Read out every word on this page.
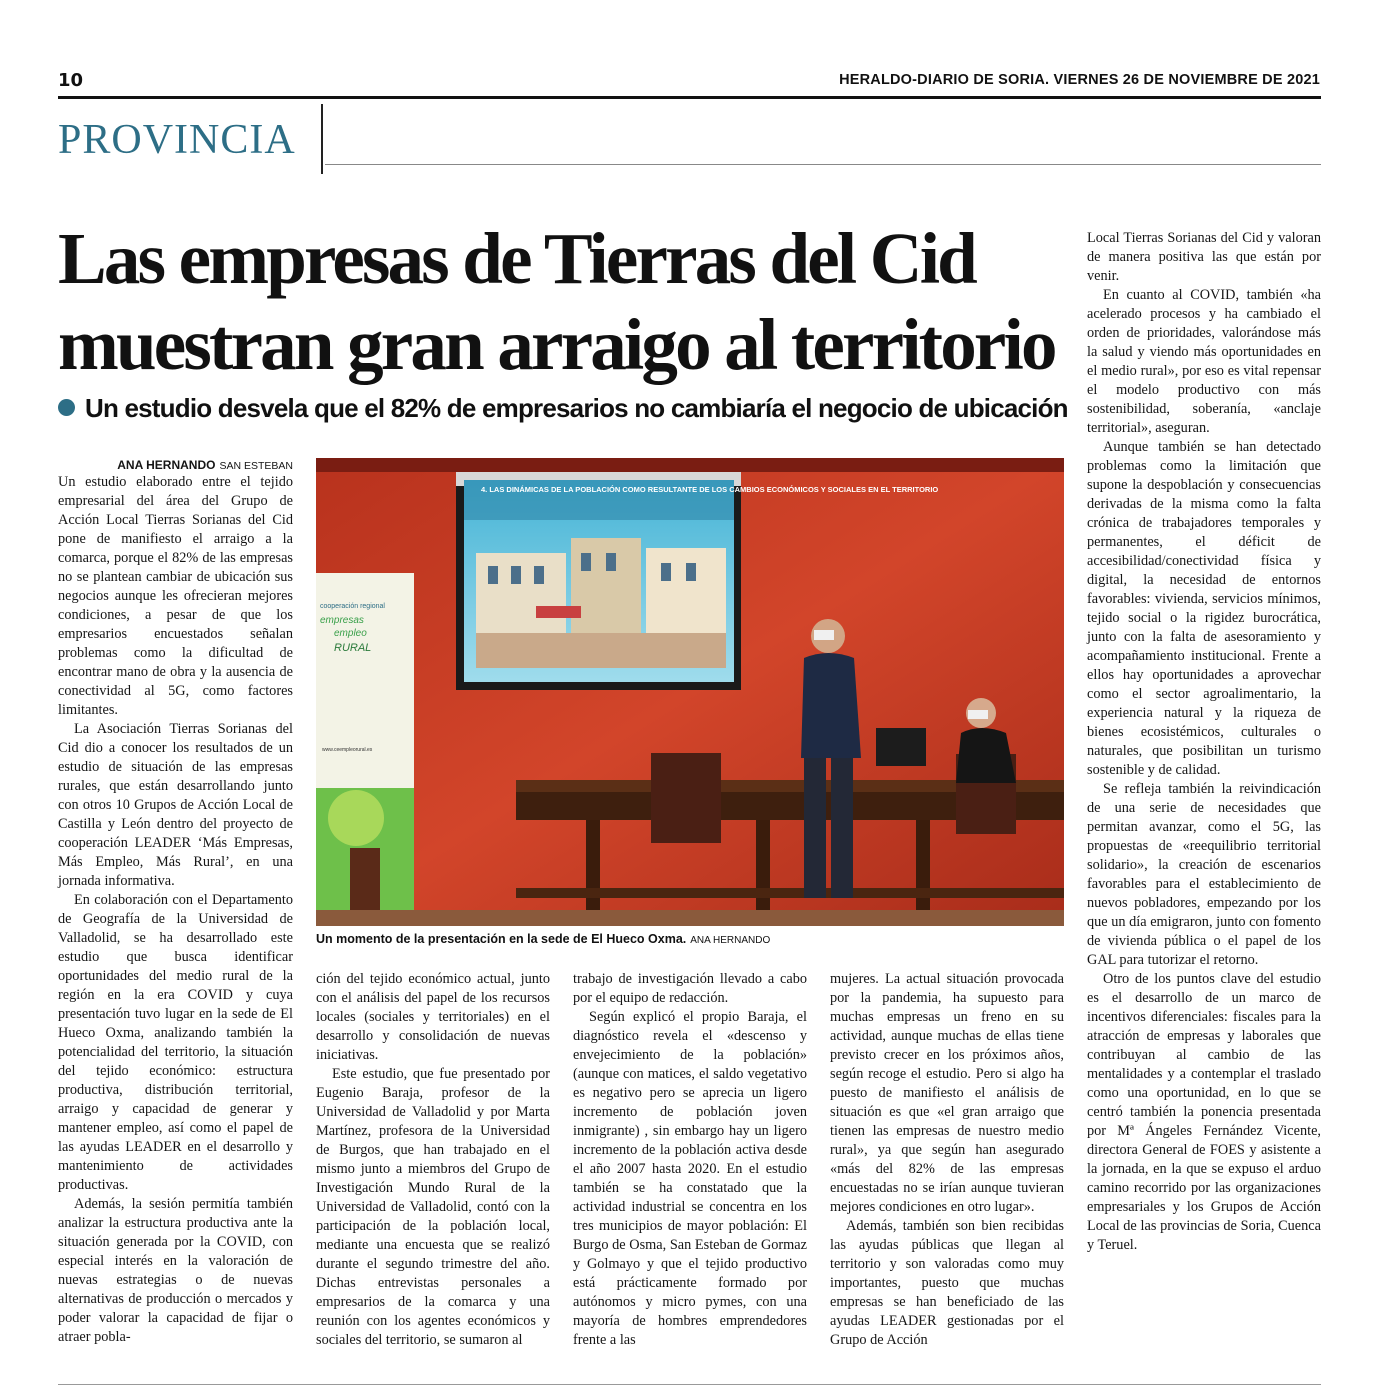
10	HERALDO-DIARIO DE SORIA. VIERNES 26 DE NOVIEMBRE DE 2021
PROVINCIA
Las empresas de Tierras del Cid
muestran gran arraigo al territorio
Un estudio desvela que el 82% de empresarios no cambiaría el negocio de ubicación
ANA HERNANDO SAN ESTEBAN

Un estudio elaborado entre el tejido empresarial del área del Grupo de Acción Local Tierras Sorianas del Cid pone de manifiesto el arraigo a la comarca, porque el 82% de las empresas no se plantean cambiar de ubicación sus negocios aunque les ofrecieran mejores condiciones, a pesar de que los empresarios encuestados señalan problemas como la dificultad de encontrar mano de obra y la ausencia de conectividad al 5G, como factores limitantes.

La Asociación Tierras Sorianas del Cid dio a conocer los resultados de un estudio de situación de las empresas rurales, que están desarrollando junto con otros 10 Grupos de Acción Local de Castilla y León dentro del proyecto de cooperación LEADER ‘Más Empresas, Más Empleo, Más Rural’, en una jornada informativa.

En colaboración con el Departamento de Geografía de la Universidad de Valladolid, se ha desarrollado este estudio que busca identificar oportunidades del medio rural de la región en la era COVID y cuya presentación tuvo lugar en la sede de El Hueco Oxma, analizando también la potencialidad del territorio, la situación del tejido económico: estructura productiva, distribución territorial, arraigo y capacidad de generar y mantener empleo, así como el papel de las ayudas LEADER en el desarrollo y mantenimiento de actividades productivas.

Además, la sesión permitía también analizar la estructura productiva ante la situación generada por la COVID, con especial interés en la valoración de nuevas estrategias o de nuevas alternativas de producción o mercados y poder valorar la capacidad de fijar o atraer pobla-

4. LAS DINÁMICAS DE LA POBLACIÓN COMO RESULTANTE DE LOS CAMBIOS ECONÓMICOS Y SOCIALES EN EL TERRITORIO
cooperación regional
empresas
empleo
RURAL
www.ceempleorural.es
Un momento de la presentación en la sede de El Hueco Oxma. ANA HERNANDO

ción del tejido económico actual, junto con el análisis del papel de los recursos locales (sociales y territoriales) en el desarrollo y consolidación de nuevas iniciativas.

Este estudio, que fue presentado por Eugenio Baraja, profesor de la Universidad de Valladolid y por Marta Martínez, profesora de la Universidad de Burgos, que han trabajado en el mismo junto a miembros del Grupo de Investigación Mundo Rural de la Universidad de Valladolid, contó con la participación de la población local, mediante una encuesta que se realizó durante el segundo trimestre del año. Dichas entrevistas personales a empresarios de la comarca y una reunión con los agentes económicos y sociales del territorio, se sumaron al

trabajo de investigación llevado a cabo por el equipo de redacción.

Según explicó el propio Baraja, el diagnóstico revela el «descenso y envejecimiento de la población» (aunque con matices, el saldo vegetativo es negativo pero se aprecia un ligero incremento de población joven inmigrante) , sin embargo hay un ligero incremento de la población activa desde el año 2007 hasta 2020. En el estudio también se ha constatado que la actividad industrial se concentra en los tres municipios de mayor población: El Burgo de Osma, San Esteban de Gormaz y Golmayo y que el tejido productivo está prácticamente formado por autónomos y micro pymes, con una mayoría de hombres emprendedores frente a las

mujeres. La actual situación provocada por la pandemia, ha supuesto para muchas empresas un freno en su actividad, aunque muchas de ellas tiene previsto crecer en los próximos años, según recoge el estudio. Pero si algo ha puesto de manifiesto el análisis de situación es que «el gran arraigo que tienen las empresas de nuestro medio rural», ya que según han asegurado «más del 82% de las empresas encuestadas no se irían aunque tuvieran mejores condiciones en otro lugar».

Además, también son bien recibidas las ayudas públicas que llegan al territorio y son valoradas como muy importantes, puesto que muchas empresas se han beneficiado de las ayudas LEADER gestionadas por el Grupo de Acción

Local Tierras Sorianas del Cid y valoran de manera positiva las que están por venir.

En cuanto al COVID, también «ha acelerado procesos y ha cambiado el orden de prioridades, valorándose más la salud y viendo más oportunidades en el medio rural», por eso es vital repensar el modelo productivo con más sostenibilidad, soberanía, «anclaje territorial», aseguran.

Aunque también se han detectado problemas como la limitación que supone la despoblación y consecuencias derivadas de la misma como la falta crónica de trabajadores temporales y permanentes, el déficit de accesibilidad/conectividad física y digital, la necesidad de entornos favorables: vivienda, servicios mínimos, tejido social o la rigidez burocrática, junto con la falta de asesoramiento y acompañamiento institucional. Frente a ellos hay oportunidades a aprovechar como el sector agroalimentario, la experiencia natural y la riqueza de bienes ecosistémicos, culturales o naturales, que posibilitan un turismo sostenible y de calidad.

Se refleja también la reivindicación de una serie de necesidades que permitan avanzar, como el 5G, las propuestas de «reequilibrio territorial solidario», la creación de escenarios favorables para el establecimiento de nuevos pobladores, empezando por los que un día emigraron, junto con fomento de vivienda pública o el papel de los GAL para tutorizar el retorno.

Otro de los puntos clave del estudio es el desarrollo de un marco de incentivos diferenciales: fiscales para la atracción de empresas y laborales que contribuyan al cambio de las mentalidades y a contemplar el traslado como una oportunidad, en lo que se centró también la ponencia presentada por Mª Ángeles Fernández Vicente, directora General de FOES y asistente a la jornada, en la que se expuso el arduo camino recorrido por las organizaciones empresariales y los Grupos de Acción Local de las provincias de Soria, Cuenca y Teruel.
